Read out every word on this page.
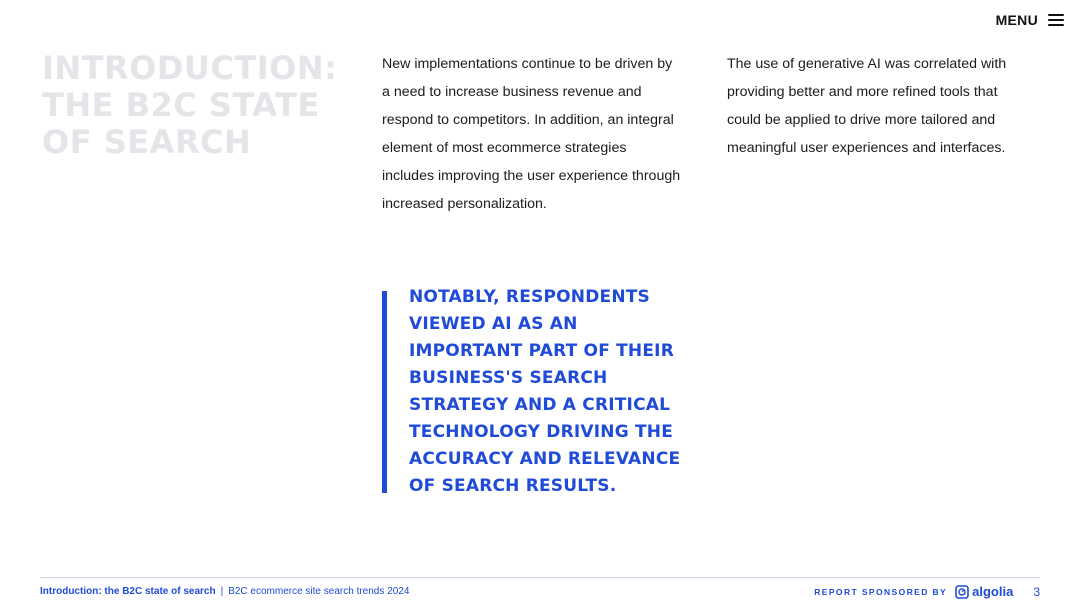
MENU
INTRODUCTION: THE B2C STATE OF SEARCH

New implementations continue to be driven by a need to increase business revenue and respond to competitors. In addition, an integral element of most ecommerce strategies includes improving the user experience through increased personalization.

The use of generative AI was correlated with providing better and more refined tools that could be applied to drive more tailored and meaningful user experiences and interfaces.

NOTABLY, RESPONDENTS VIEWED AI AS AN IMPORTANT PART OF THEIR BUSINESS'S SEARCH STRATEGY AND A CRITICAL TECHNOLOGY DRIVING THE ACCURACY AND RELEVANCE OF SEARCH RESULTS.

Introduction: the B2C state of search | B2C ecommerce site search trends 2024	REPORT SPONSORED BY algolia 3
